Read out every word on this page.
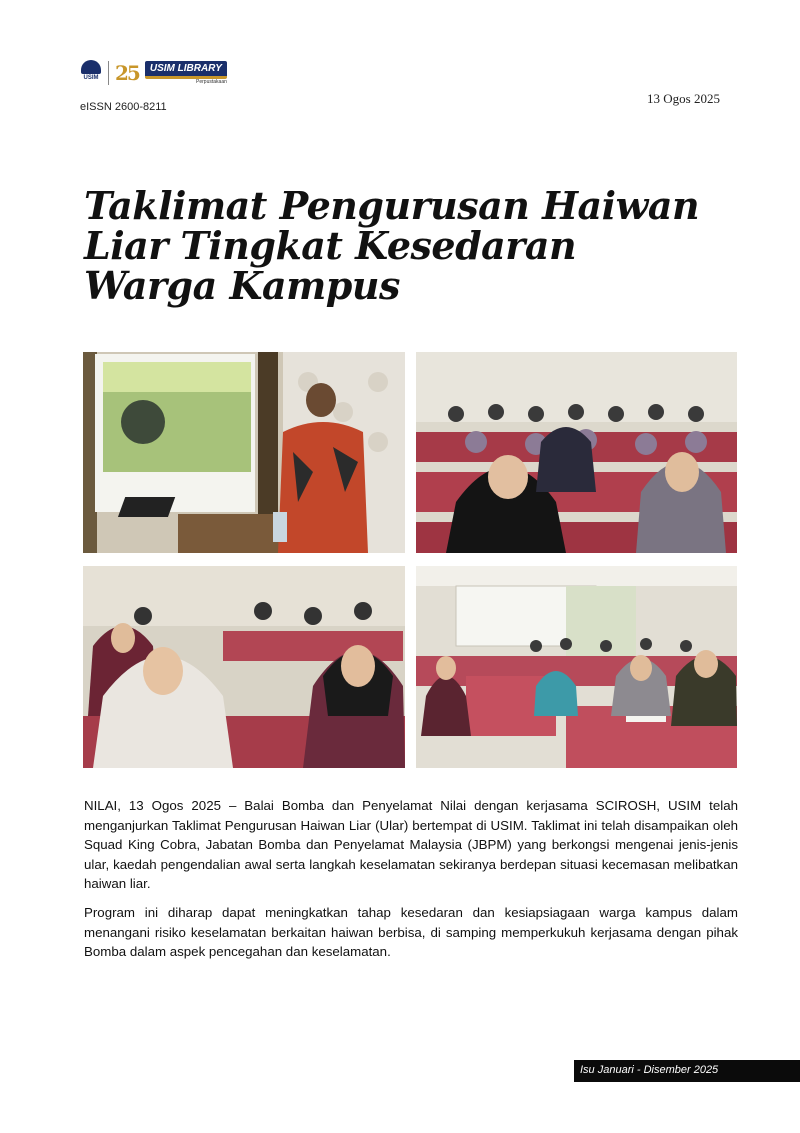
USIM 25	USIM LIBRARY
Perpustakaan
eISSN 2600-8211
13 Ogos 2025
Taklimat Pengurusan Haiwan Liar Tingkat Kesedaran Warga Kampus

NILAI, 13 Ogos 2025 – Balai Bomba dan Penyelamat Nilai dengan kerjasama SCIROSH, USIM telah menganjurkan Taklimat Pengurusan Haiwan Liar (Ular) bertempat di USIM. Taklimat ini telah disampaikan oleh Squad King Cobra, Jabatan Bomba dan Penyelamat Malaysia (JBPM) yang berkongsi mengenai jenis-jenis ular, kaedah pengendalian awal serta langkah keselamatan sekiranya berdepan situasi kecemasan melibatkan haiwan liar.

Program ini diharap dapat meningkatkan tahap kesedaran dan kesiapsiagaan warga kampus dalam menangani risiko keselamatan berkaitan haiwan berbisa, di samping memperkukuh kerjasama dengan pihak Bomba dalam aspek pencegahan dan keselamatan.

Isu Januari - Disember 2025
